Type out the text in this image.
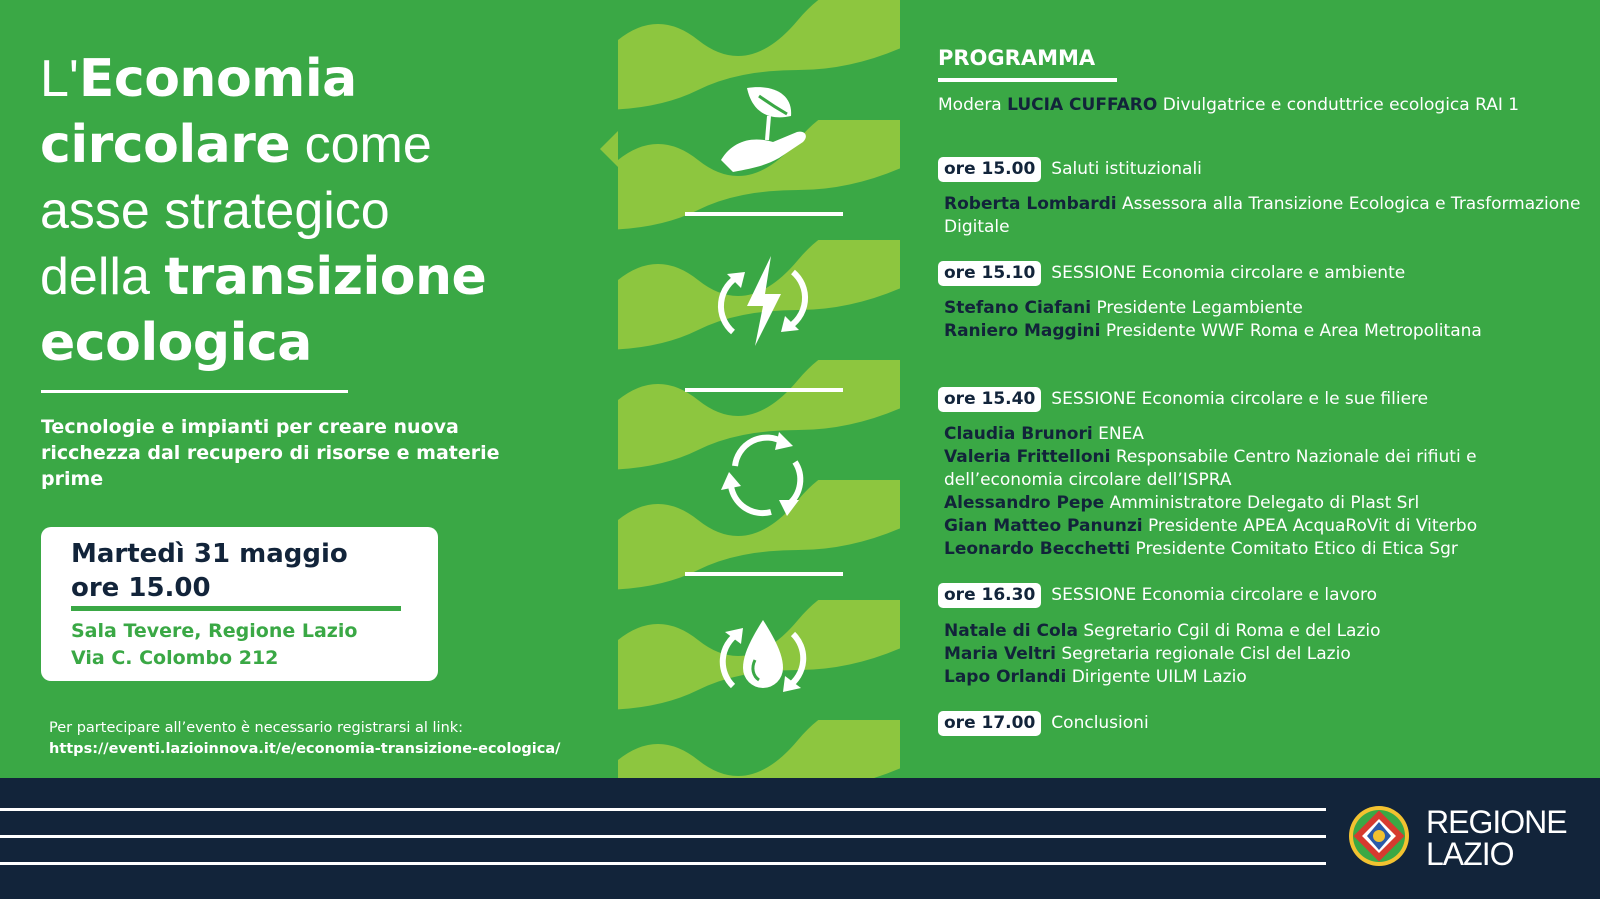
L'Economia
circolare come
asse strategico
della transizione
ecologica
Tecnologie e impianti per creare nuova ricchezza dal recupero di risorse e materie prime
Martedì 31 maggio
ore 15.00
Sala Tevere, Regione Lazio
Via C. Colombo 212
Per partecipare all’evento è necessario registrarsi al link:
https://eventi.lazioinnova.it/e/economia-transizione-ecologica/
PROGRAMMA
Modera LUCIA CUFFARO Divulgatrice e conduttrice ecologica RAI 1
ore 15.00 Saluti istituzionali
Roberta Lombardi Assessora alla Transizione Ecologica e Trasformazione Digitale
ore 15.10 SESSIONE Economia circolare e ambiente
Stefano Ciafani Presidente Legambiente
Raniero Maggini Presidente WWF Roma e Area Metropolitana
ore 15.40 SESSIONE Economia circolare e le sue filiere
Claudia Brunori ENEA
Valeria Frittelloni Responsabile Centro Nazionale dei rifiuti e dell’economia circolare dell’ISPRA
Alessandro Pepe Amministratore Delegato di Plast Srl
Gian Matteo Panunzi Presidente APEA AcquaRoVit di Viterbo
Leonardo Becchetti Presidente Comitato Etico di Etica Sgr
ore 16.30 SESSIONE Economia circolare e lavoro
Natale di Cola Segretario Cgil di Roma e del Lazio
Maria Veltri Segretaria regionale Cisl del Lazio
Lapo Orlandi Dirigente UILM Lazio
ore 17.00 Conclusioni
REGIONE
LAZIO
